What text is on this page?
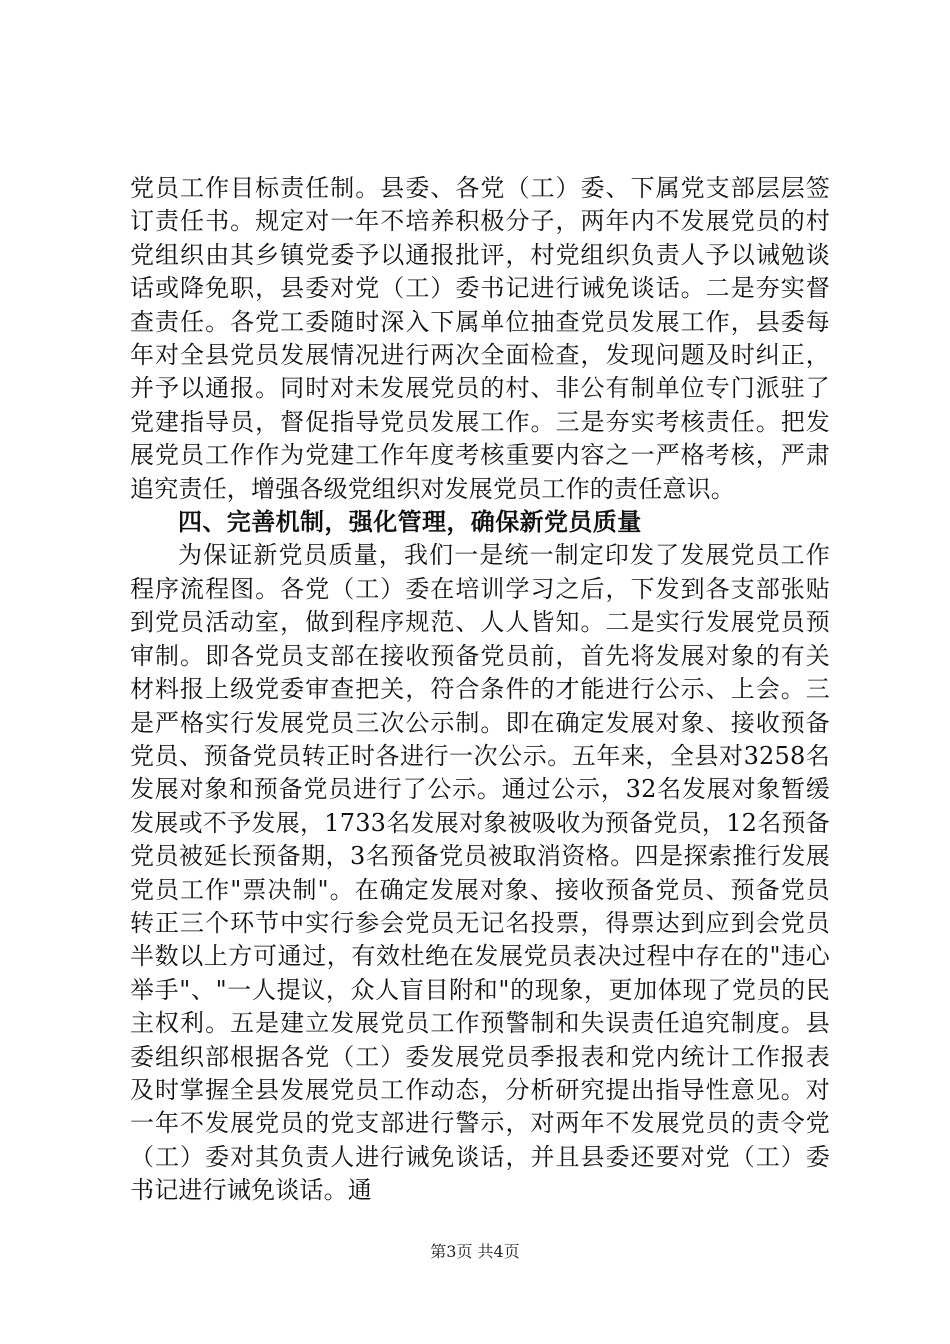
党员工作目标责任制。县委、各党（工）委、下属党支部层层签订责任书。规定对一年不培养积极分子，两年内不发展党员的村党组织由其乡镇党委予以通报批评，村党组织负责人予以诫勉谈话或降免职，县委对党（工）委书记进行诫免谈话。二是夯实督查责任。各党工委随时深入下属单位抽查党员发展工作，县委每年对全县党员发展情况进行两次全面检查，发现问题及时纠正，并予以通报。同时对未发展党员的村、非公有制单位专门派驻了党建指导员，督促指导党员发展工作。三是夯实考核责任。把发展党员工作作为党建工作年度考核重要内容之一严格考核，严肃追究责任，增强各级党组织对发展党员工作的责任意识。

四、完善机制，强化管理，确保新党员质量

为保证新党员质量，我们一是统一制定印发了发展党员工作程序流程图。各党（工）委在培训学习之后，下发到各支部张贴到党员活动室，做到程序规范、人人皆知。二是实行发展党员预审制。即各党员支部在接收预备党员前，首先将发展对象的有关材料报上级党委审查把关，符合条件的才能进行公示、上会。三是严格实行发展党员三次公示制。即在确定发展对象、接收预备党员、预备党员转正时各进行一次公示。五年来，全县对3258名发展对象和预备党员进行了公示。通过公示，32名发展对象暂缓发展或不予发展，1733名发展对象被吸收为预备党员，12名预备党员被延长预备期，3名预备党员被取消资格。四是探索推行发展党员工作"票决制"。在确定发展对象、接收预备党员、预备党员转正三个环节中实行参会党员无记名投票，得票达到应到会党员半数以上方可通过，有效杜绝在发展党员表决过程中存在的"违心举手"、"一人提议，众人盲目附和"的现象，更加体现了党员的民主权利。五是建立发展党员工作预警制和失误责任追究制度。县委组织部根据各党（工）委发展党员季报表和党内统计工作报表及时掌握全县发展党员工作动态，分析研究提出指导性意见。对一年不发展党员的党支部进行警示，对两年不发展党员的责令党（工）委对其负责人进行诫免谈话，并且县委还要对党（工）委书记进行诫免谈话。通

第3页 共4页
